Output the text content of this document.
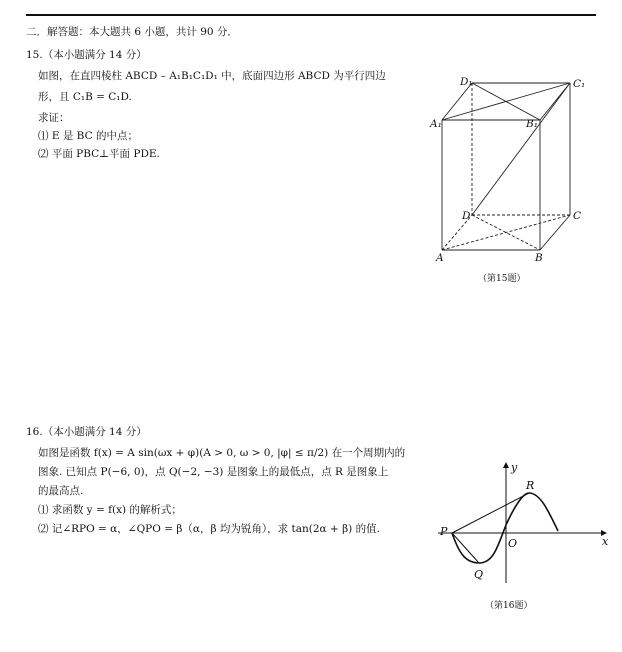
二．解答题：本大题共 6 小题，共计 90 分．
15.（本小题满分 14 分）
如图，在直四棱柱 ABCD – A₁B₁C₁D₁ 中，底面四边形 ABCD 为平行四边
形，且 C₁B = C₁D.
求证：
⑴ E 是 BC 的中点；
⑵ 平面 PBC⊥平面 PDE.
D₁	C₁
A₁	B₁
D	C
A	B
（第15题）
16.（本小题满分 14 分）
如图是函数 f(x) = A sin(ωx + φ)(A > 0, ω > 0, |φ| ≤ π/2) 在一个周期内的
图象. 已知点 P(−6, 0)，点 Q(−2, −3) 是图象上的最低点，点 R 是图象上
的最高点.
⑴ 求函数 y = f(x) 的解析式；
⑵ 记∠RPO = α，∠QPO = β（α，β 均为锐角），求 tan(2α + β) 的值.
y
x
R
P
O
Q
（第16题）
